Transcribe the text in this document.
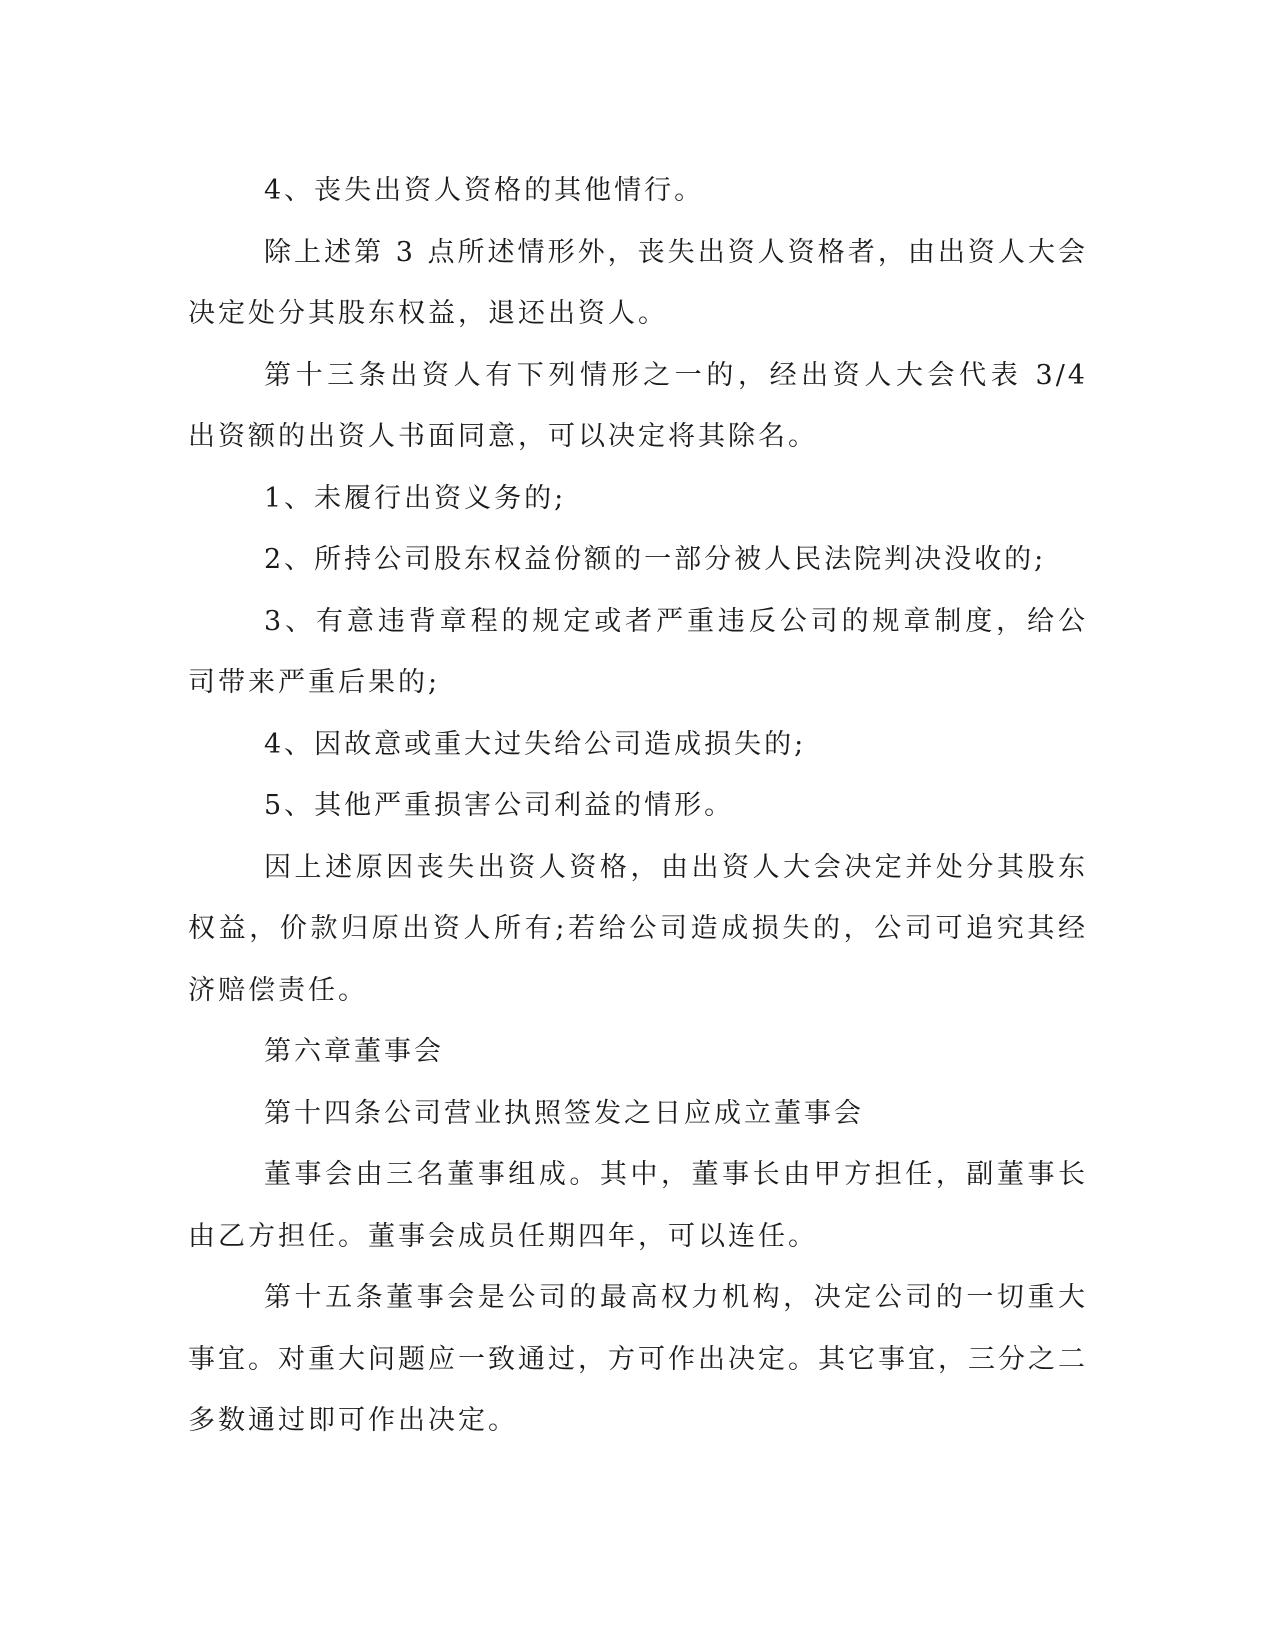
4、丧失出资人资格的其他情行。

除上述第 3 点所述情形外，丧失出资人资格者，由出资人大会决定处分其股东权益，退还出资人。

第十三条出资人有下列情形之一的，经出资人大会代表 3/4 出资额的出资人书面同意，可以决定将其除名。

1、未履行出资义务的;

2、所持公司股东权益份额的一部分被人民法院判决没收的;

3、有意违背章程的规定或者严重违反公司的规章制度，给公司带来严重后果的;

4、因故意或重大过失给公司造成损失的;

5、其他严重损害公司利益的情形。

因上述原因丧失出资人资格，由出资人大会决定并处分其股东权益，价款归原出资人所有;若给公司造成损失的，公司可追究其经济赔偿责任。

第六章董事会

第十四条公司营业执照签发之日应成立董事会

董事会由三名董事组成。其中，董事长由甲方担任，副董事长由乙方担任。董事会成员任期四年，可以连任。

第十五条董事会是公司的最高权力机构，决定公司的一切重大事宜。对重大问题应一致通过，方可作出决定。其它事宜，三分之二多数通过即可作出决定。
